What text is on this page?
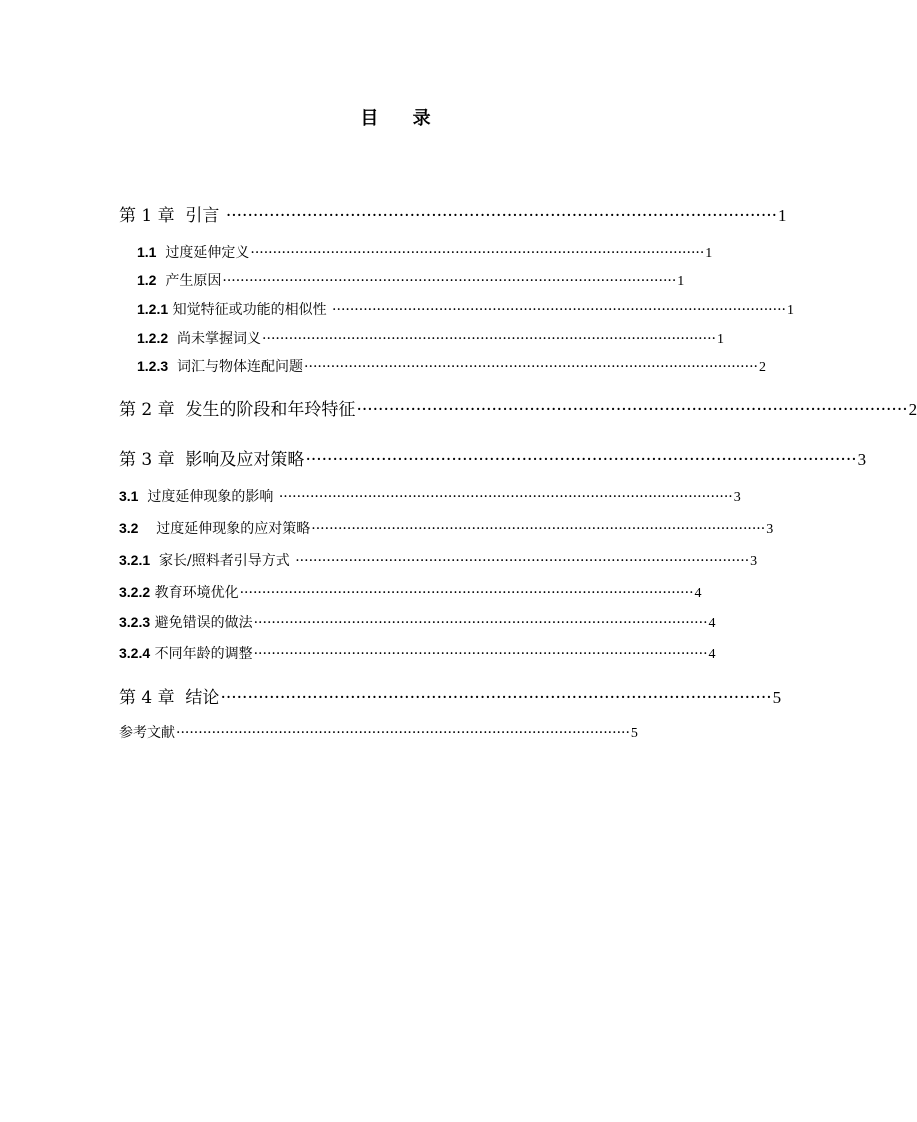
目 录
第 1 章  引言 ······································································································ 1
1.1 过度延伸定义 ······································································································ 1
1.2 产生原因 ······································································································ 1
1.2.1 知觉特征或功能的相似性 ······································································································ 1
1.2.2 尚未掌握词义 ······································································································ 1
1.2.3 词汇与物体连配问题 ······································································································ 2
第 2 章  发生的阶段和年玲特征 ······································································································ 2
第 3 章  影响及应对策略 ······································································································ 3
3.1 过度延伸现象的影响 ······································································································ 3
3.2 过度延伸现象的应对策略 ······································································································ 3
3.2.1 家长/照料者引导方式 ······································································································ 3
3.2.2 教育环境优化 ······································································································ 4
3.2.3 避免错误的做法 ······································································································ 4
3.2.4 不同年龄的调整 ······································································································ 4
第 4 章  结论 ······································································································ 5
参考文献 ······································································································ 5
